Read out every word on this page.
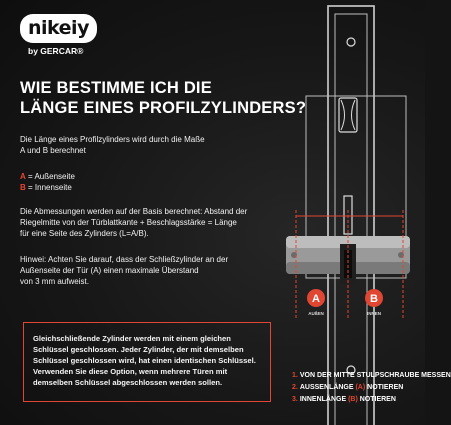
A	B
AUßEN	INNEN
nikeiy
by GERCAR®
WIE BESTIMME ICH DIE
LÄNGE EINES PROFILZYLINDERS?
Die Länge eines Profilzylinders wird durch die Maße
A und B berechnet
A = Außenseite
B = Innenseite
Die Abmessungen werden auf der Basis berechnet: Abstand der
Riegelmitte von der Türblattkante + Beschlagsstärke = Länge
für eine Seite des Zylinders (L=A/B).
Hinwei: Achten Sie darauf, dass der Schließzylinder an der
Außenseite der Tür (A) einen maximale Überstand
von 3 mm aufweist.
Gleichschließende Zylinder werden mit einem gleichen
Schlüssel geschlossen. Jeder Zylinder, der mit demselben
Schlüssel geschlossen wird, hat einen identischen Schlüssel.
Verwenden Sie diese Option, wenn mehrere Türen mit
demselben Schlüssel abgeschlossen werden sollen.
1. VON DER MITTE STULPSCHRAUBE MESSEN
2. AUSSENLÄNGE (A) NOTIEREN
3. INNENLÄNGE (B) NOTIEREN
